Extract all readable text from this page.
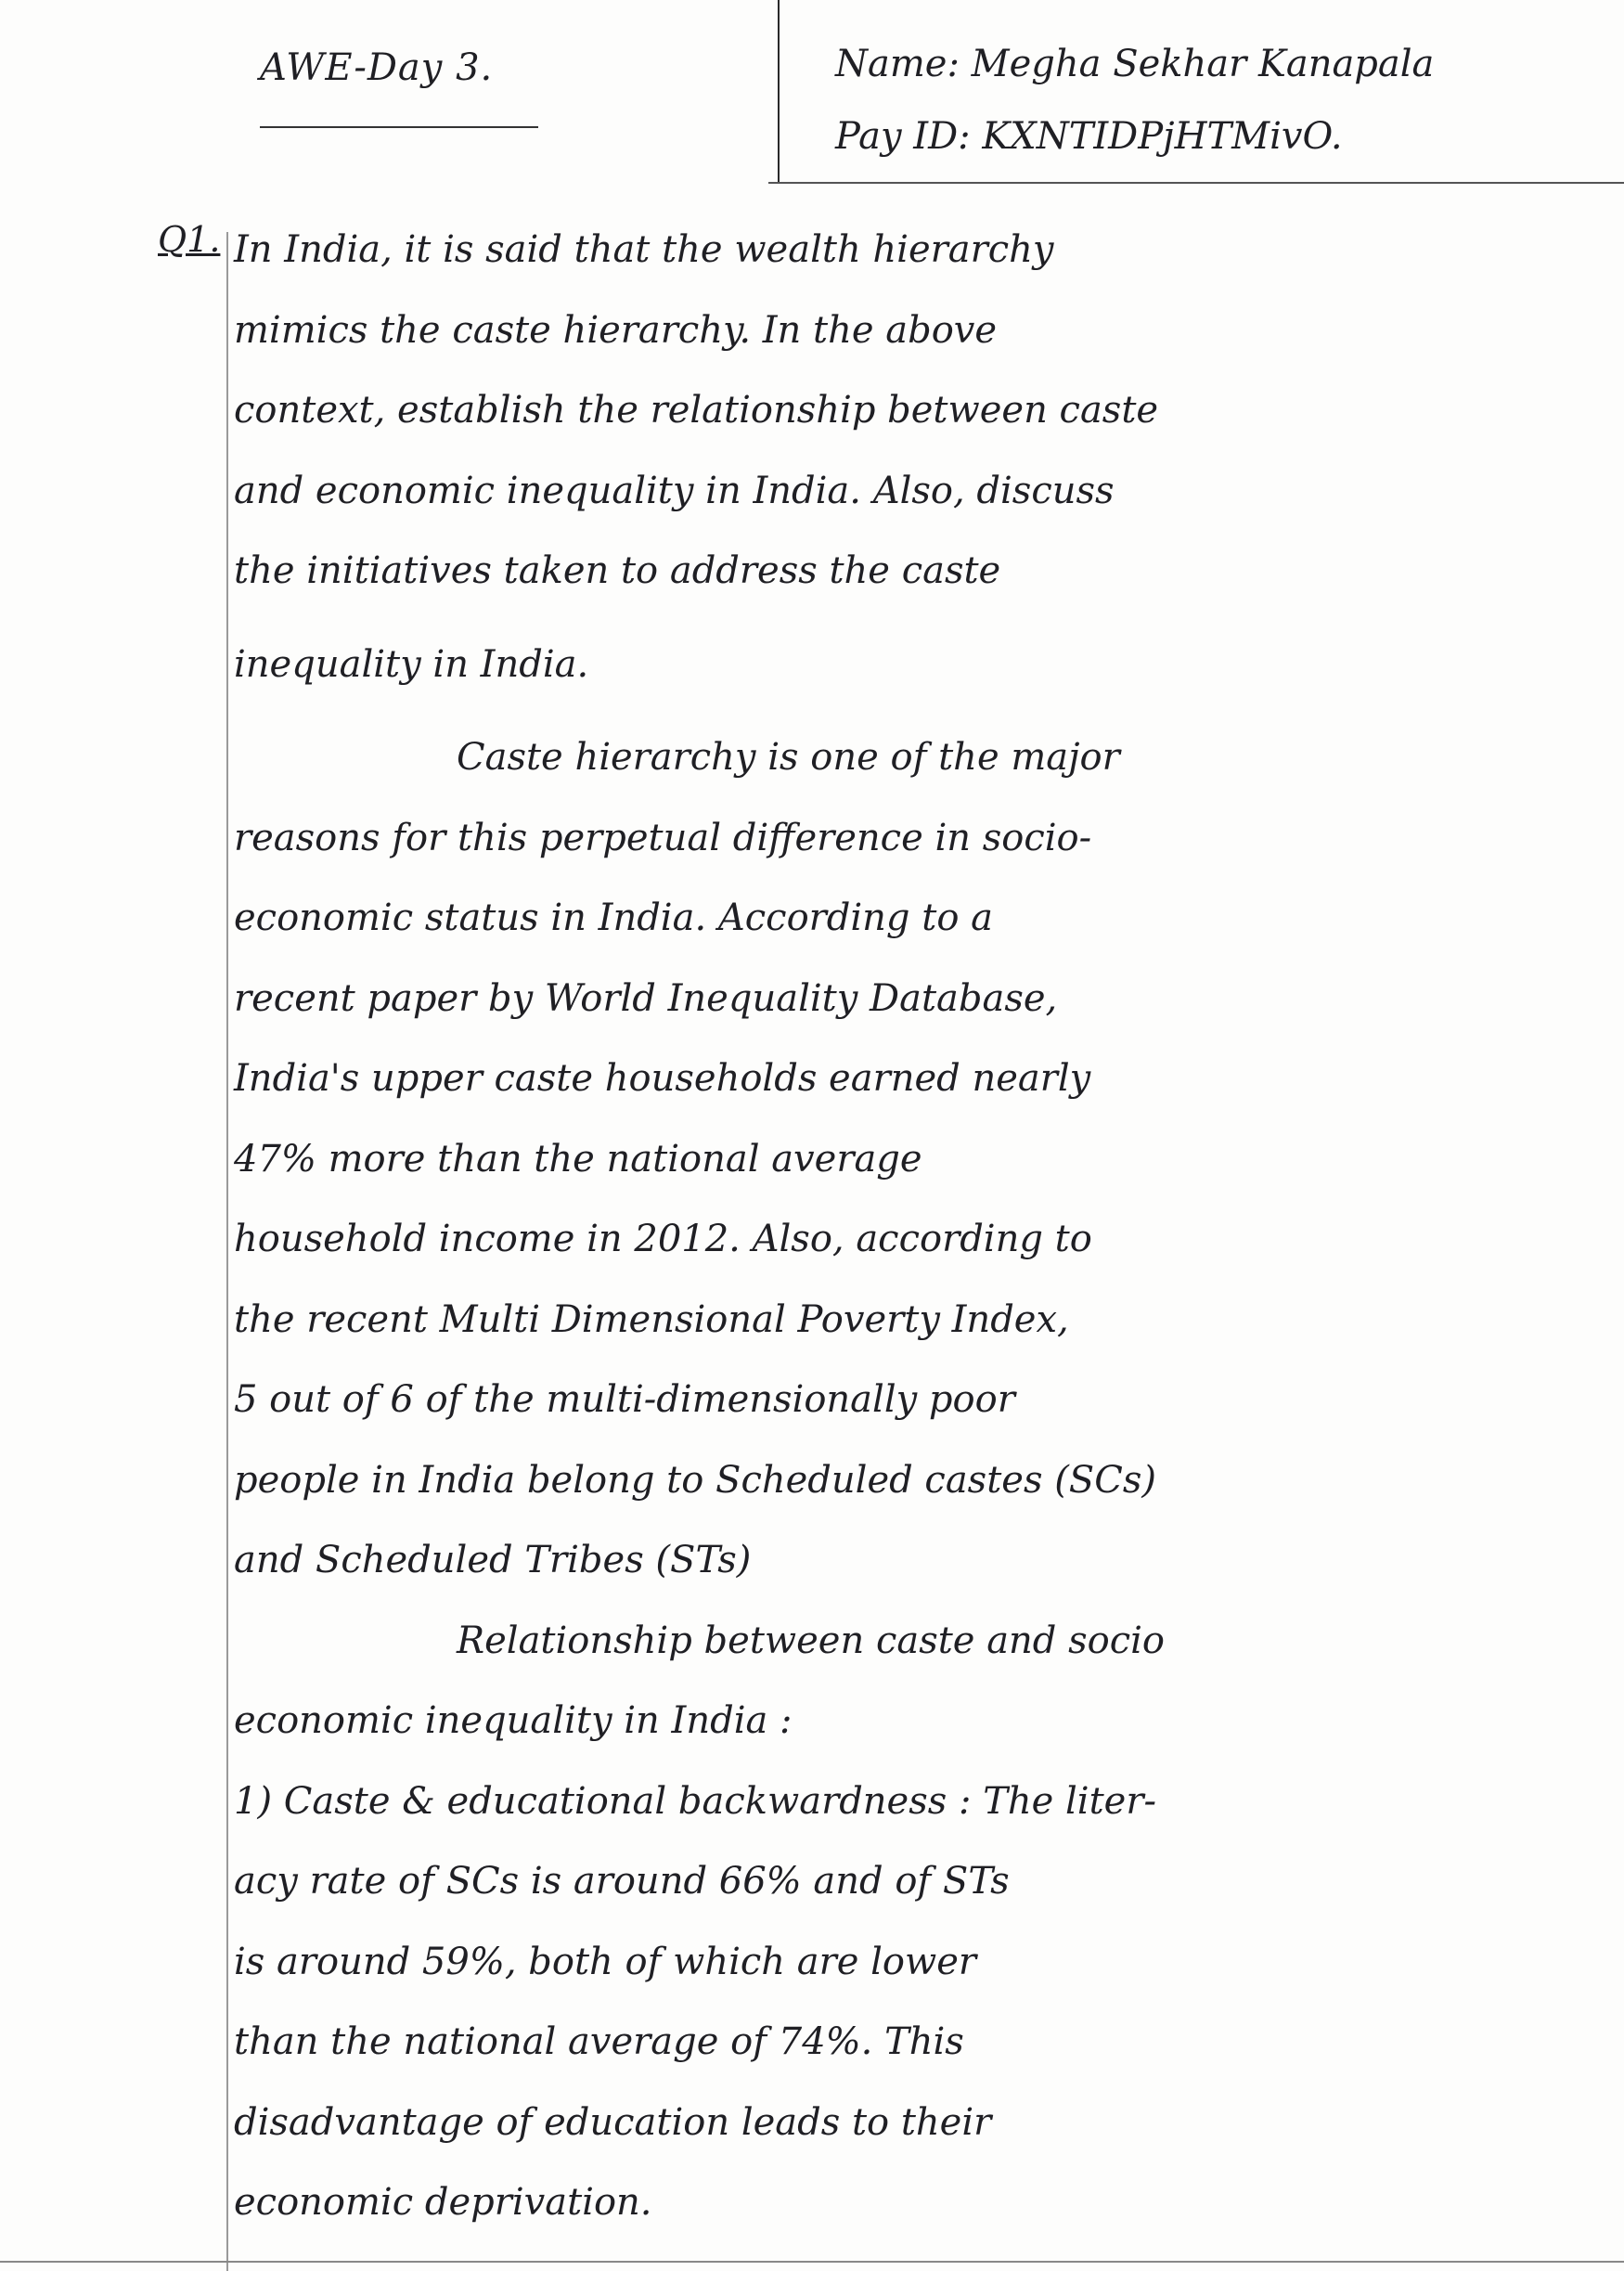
AWE-Day 3.	Name: Megha Sekhar Kanapala
Pay ID: KXNTIDPjHTMivO.
Q1. In India, it is said that the wealth hierarchy
mimics the caste hierarchy. In the above
context, establish the relationship between caste
and economic inequality in India. Also, discuss
the initiatives taken to address the caste
inequality in India.
Caste hierarchy is one of the major
reasons for this perpetual difference in socio-
economic status in India. According to a
recent paper by World Inequality Database,
India's upper caste households earned nearly
47% more than the national average
household income in 2012. Also, according to
the recent Multi Dimensional Poverty Index,
5 out of 6 of the multi-dimensionally poor
people in India belong to Scheduled castes (SCs)
and Scheduled Tribes (STs)
Relationship between caste and socio
economic inequality in India :
1) Caste & educational backwardness : The liter-
acy rate of SCs is around 66% and of STs
is around 59%, both of which are lower
than the national average of 74%. This
disadvantage of education leads to their
economic deprivation.
